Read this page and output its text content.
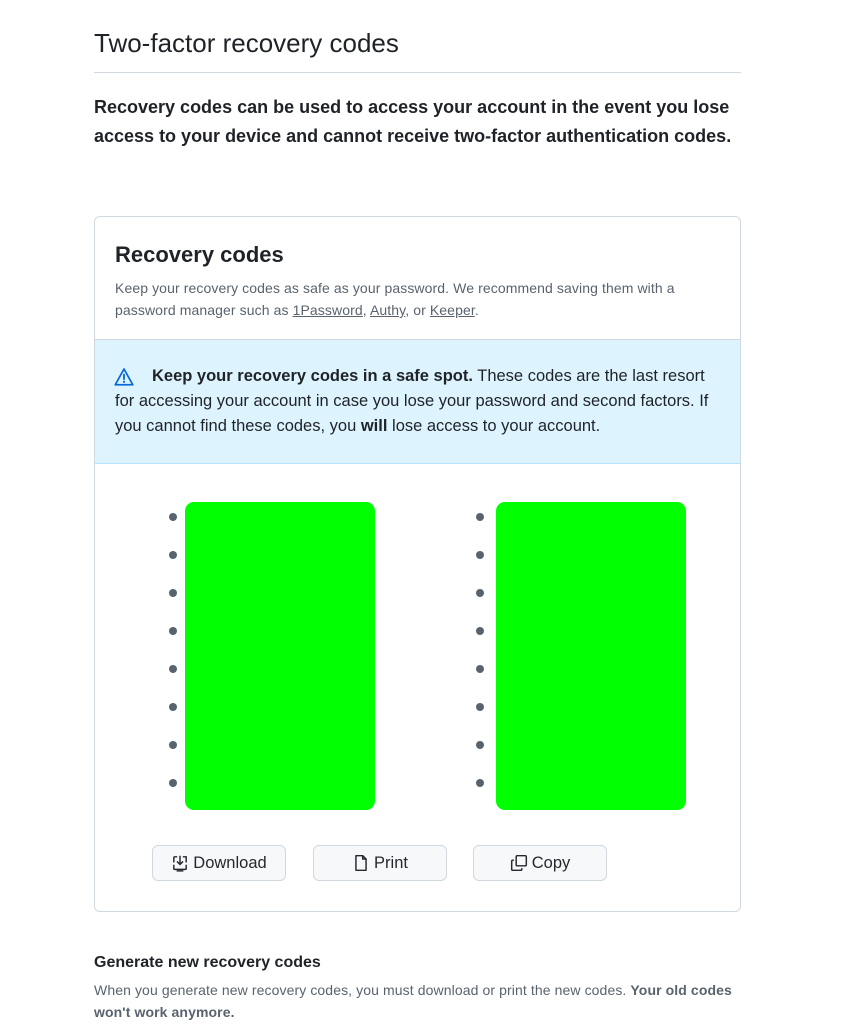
Two-factor recovery codes

Recovery codes can be used to access your account in the event you lose access to your device and cannot receive two-factor authentication codes.

Recovery codes

Keep your recovery codes as safe as your password. We recommend saving them with a password manager such as 1Password, Authy, or Keeper.

Keep your recovery codes in a safe spot. These codes are the last resort for accessing your account in case you lose your password and second factors. If you cannot find these codes, you will lose access to your account.

Download	Print	Copy
Generate new recovery codes

When you generate new recovery codes, you must download or print the new codes. Your old codes won't work anymore.
